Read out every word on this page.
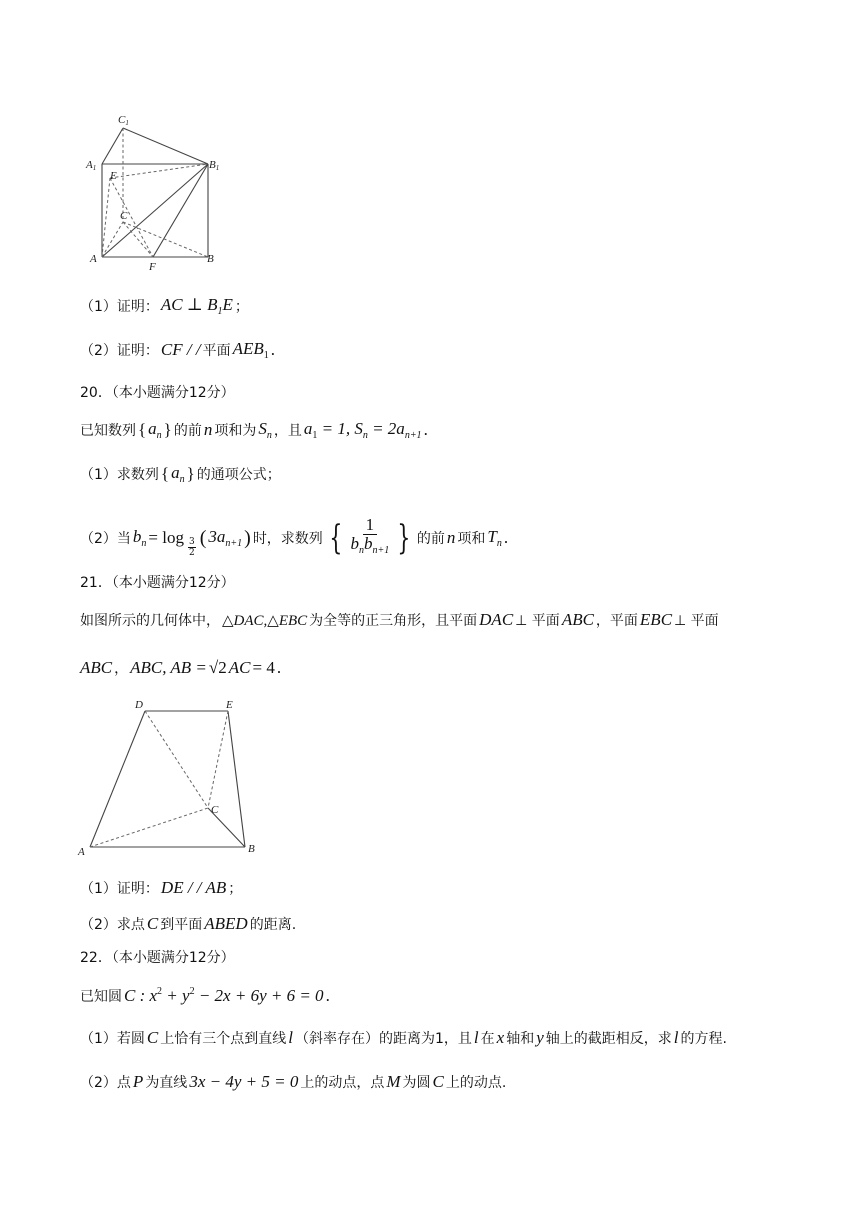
C1
A1	B1
E
C
A
F
B
（1）证明： AC ⊥ $B_1E$ ；
（2）证明： CF / / 平面 $AEB_1$ .
20．（本小题满分12分）
已知数列 { $a_n$ } 的前 n 项和为 $S_n$ ，且 $a_1 = 1$, $S_n = 2a_{n+1}$ .
（1）求数列 { $a_n$ } 的通项公式；
（2）当 $b_n = \log \frac{3}{2}$ ( $3a_{n+1}$ ) 时，求数列 { $\frac{1}{b_nb_{n+1}}$ } 的前 n 项和 $T_n$ .
21．（本小题满分12分）
如图所示的几何体中， △DAC,△EBC 为全等的正三角形，且平面 DAC ⊥ 平面 ABC ，平面 EBC ⊥ 平面
ABC ， ABC, AB = √2 AC = 4 .
D	E
C
A	B
（1）证明： DE / / AB ；
（2）求点 C 到平面 ABED 的距离.
22．（本小题满分12分）
已知圆 C : $x^2 + y^2 - 2x + 6y + 6 = 0$ .
（1）若圆 C 上恰有三个点到直线 l （斜率存在）的距离为1，且 l 在 x 轴和 y 轴上的截距相反，求 l 的方程.
（2）点 P 为直线 3x − 4y + 5 = 0 上的动点，点 M 为圆 C 上的动点.
